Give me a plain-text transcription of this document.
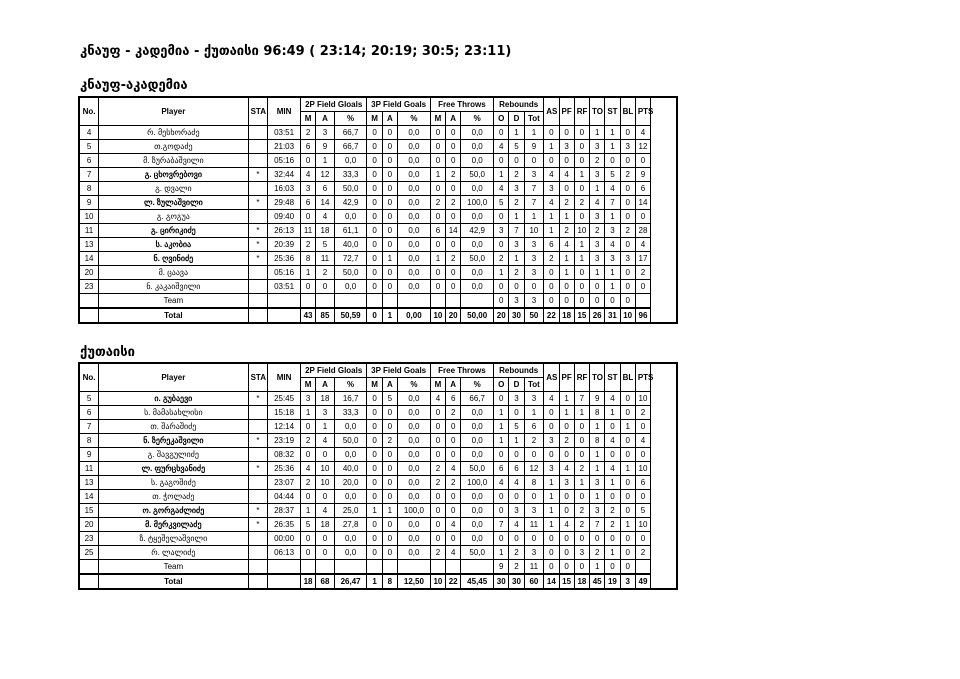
კნაუფ - კადემია - ქუთაისი 96:49 ( 23:14; 20:19; 30:5; 23:11)
კნაუფ-აკადემია
ქუთაისი
No.	Player	STA	MIN	2P Field Gloals			3P Field Goals			Free Throws			Rebounds			AS	PF	RF	TO	ST	BL	PTS
				M	A	%	M	A	%	M	A	%	O	D	Tot							
4	რ. მესხორაძე		03:51	2	3	66,7	0	0	0,0	0	0	0,0	0	1	1	0	0	0	1	1	0	4
5	თ.გოდაძე		21:03	6	9	66,7	0	0	0,0	0	0	0,0	4	5	9	1	3	0	3	1	3	12
6	მ. ზურაბაშვილი		05:16	0	1	0,0	0	0	0,0	0	0	0,0	0	0	0	0	0	0	2	0	0	0
7	გ. ცხოვრებოვი	*	32:44	4	12	33,3	0	0	0,0	1	2	50,0	1	2	3	4	4	1	3	5	2	9
8	გ. დვალი		16:03	3	6	50,0	0	0	0,0	0	0	0,0	4	3	7	3	0	0	1	4	0	6
9	ლ. ზულაშვილი	*	29:48	6	14	42,9	0	0	0,0	2	2	100,0	5	2	7	4	2	2	4	7	0	14
10	გ. გოგუა		09:40	0	4	0,0	0	0	0,0	0	0	0,0	0	1	1	1	1	0	3	1	0	0
11	გ. ცირიკიძე	*	26:13	11	18	61,1	0	0	0,0	6	14	42,9	3	7	10	1	2	10	2	3	2	28
13	ს. აკობია	*	20:39	2	5	40,0	0	0	0,0	0	0	0,0	0	3	3	6	4	1	3	4	0	4
14	ნ. ღვინიძე	*	25:36	8	11	72,7	0	1	0,0	1	2	50,0	2	1	3	2	1	1	3	3	3	17
20	მ. ცაავა		05:16	1	2	50,0	0	0	0,0	0	0	0,0	1	2	3	0	1	0	1	1	0	2
23	ნ. კაკაიშვილი		03:51	0	0	0,0	0	0	0,0	0	0	0,0	0	0	0	0	0	0	0	1	0	0
	Team												0	3	3	0	0	0	0	0	0	
	Total			43	85	50,59	0	1	0,00	10	20	50,00	20	30	50	22	18	15	26	31	10	96
No.	Player	STA	MIN	2P Field Gloals			3P Field Goals			Free Throws			Rebounds			AS	PF	RF	TO	ST	BL	PTS
				M	A	%	M	A	%	M	A	%	O	D	Tot							
5	ი. გუბაევი	*	25:45	3	18	16,7	0	5	0,0	4	6	66,7	0	3	3	4	1	7	9	4	0	10
6	ს. მამასახლისი		15:18	1	3	33,3	0	0	0,0	0	2	0,0	1	0	1	0	1	1	8	1	0	2
7	თ. შარაშიძე		12:14	0	1	0,0	0	0	0,0	0	0	0,0	1	5	6	0	0	0	1	0	1	0
8	ნ. ზერეკაშვილი	*	23:19	2	4	50,0	0	2	0,0	0	0	0,0	1	1	2	3	2	0	8	4	0	4
9	გ. შავგულიძე		08:32	0	0	0,0	0	0	0,0	0	0	0,0	0	0	0	0	0	0	1	0	0	0
11	ლ. ფურცხვანიძე	*	25:36	4	10	40,0	0	0	0,0	2	4	50,0	6	6	12	3	4	2	1	4	1	10
13	ს. გაგოშიძე		23:07	2	10	20,0	0	0	0,0	2	2	100,0	4	4	8	1	3	1	3	1	0	6
14	თ. ჭოლაძე		04:44	0	0	0,0	0	0	0,0	0	0	0,0	0	0	0	1	0	0	1	0	0	0
15	ო. გორგაძლიძე	*	28:37	1	4	25,0	1	1	100,0	0	0	0,0	0	3	3	1	0	2	3	2	0	5
20	მ. მერკვილაძე	*	26:35	5	18	27,8	0	0	0,0	0	4	0,0	7	4	11	1	4	2	7	2	1	10
23	ზ. ტყეშელაშვილი		00:00	0	0	0,0	0	0	0,0	0	0	0,0	0	0	0	0	0	0	0	0	0	0
25	რ. ლალიძე		06:13	0	0	0,0	0	0	0,0	2	4	50,0	1	2	3	0	0	3	2	1	0	2
	Team												9	2	11	0	0	0	1	0	0	
	Total			18	68	26,47	1	8	12,50	10	22	45,45	30	30	60	14	15	18	45	19	3	49
